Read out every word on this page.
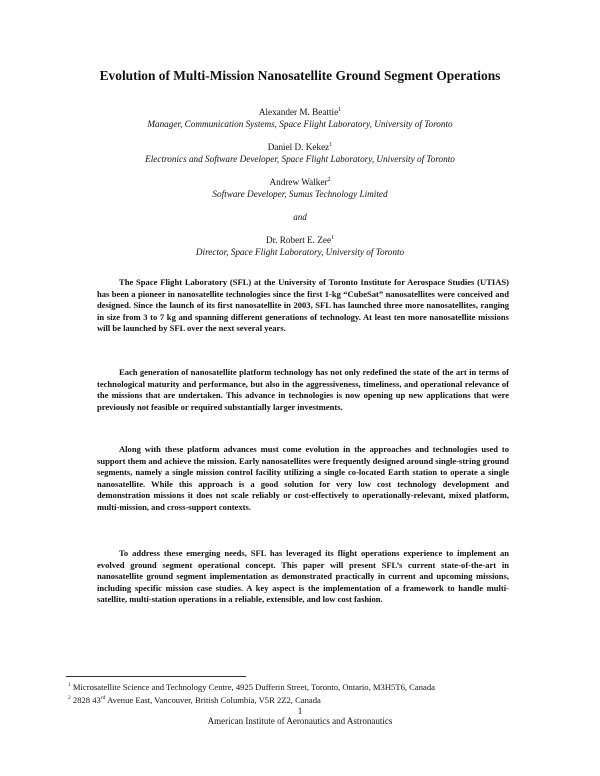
Evolution of Multi-Mission Nanosatellite Ground Segment Operations
Alexander M. Beattie$^1$
Manager, Communication Systems, Space Flight Laboratory, University of Toronto
Daniel D. Kekez$^1$
Electronics and Software Developer, Space Flight Laboratory, University of Toronto
Andrew Walker$^2$
Software Developer, Sumus Technology Limited
and
Dr. Robert E. Zee$^1$
Director, Space Flight Laboratory, University of Toronto

The Space Flight Laboratory (SFL) at the University of Toronto Institute for Aerospace Studies (UTIAS) has been a pioneer in nanosatellite technologies since the first 1-kg “CubeSat” nanosatellites were conceived and designed. Since the launch of its first nanosatellite in 2003, SFL has launched three more nanosatellites, ranging in size from 3 to 7 kg and spanning different generations of technology. At least ten more nanosatellite missions will be launched by SFL over the next several years.

Each generation of nanosatellite platform technology has not only redefined the state of the art in terms of technological maturity and performance, but also in the aggressiveness, timeliness, and operational relevance of the missions that are undertaken. This advance in technologies is now opening up new applications that were previously not feasible or required substantially larger investments.

Along with these platform advances must come evolution in the approaches and technologies used to support them and achieve the mission. Early nanosatellites were frequently designed around single-string ground segments, namely a single mission control facility utilizing a single co-located Earth station to operate a single nanosatellite. While this approach is a good solution for very low cost technology development and demonstration missions it does not scale reliably or cost-effectively to operationally-relevant, mixed platform, multi-mission, and cross-support contexts.

To address these emerging needs, SFL has leveraged its flight operations experience to implement an evolved ground segment operational concept. This paper will present SFL’s current state-of-the-art in nanosatellite ground segment implementation as demonstrated practically in current and upcoming missions, including specific mission case studies. A key aspect is the implementation of a framework to handle multi-satellite, multi-station operations in a reliable, extensible, and low cost fashion.

$^1$ Microsatellite Science and Technology Centre, 4925 Dufferin Street, Toronto, Ontario, M3H5T6, Canada
$^2$ 2828 43rd Avenue East, Vancouver, British Columbia, V5R 2Z2, Canada
1
American Institute of Aeronautics and Astronautics
